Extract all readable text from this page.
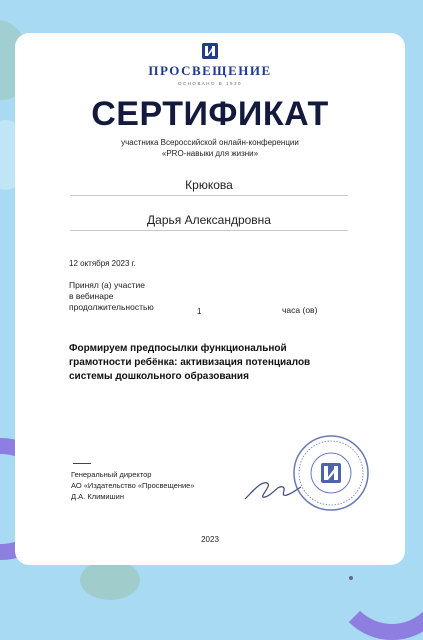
ПРОСВЕЩЕНИЕ
ОСНОВАНО В 1930
СЕРТИФИКАТ
участника Всероссийской онлайн-конференции
«PRO-навыки для жизни»
Крюкова
Дарья Александровна
12 октября 2023 г.
Принял (а) участие
в вебинаре
продолжительностью	1	часа (ов)
Формируем предпосылки функциональной
грамотности ребёнка: активизация потенциалов
системы дошкольного образования
Генеральный директор
АО «Издательство «Просвещение»
Д.А. Климишин
2023
